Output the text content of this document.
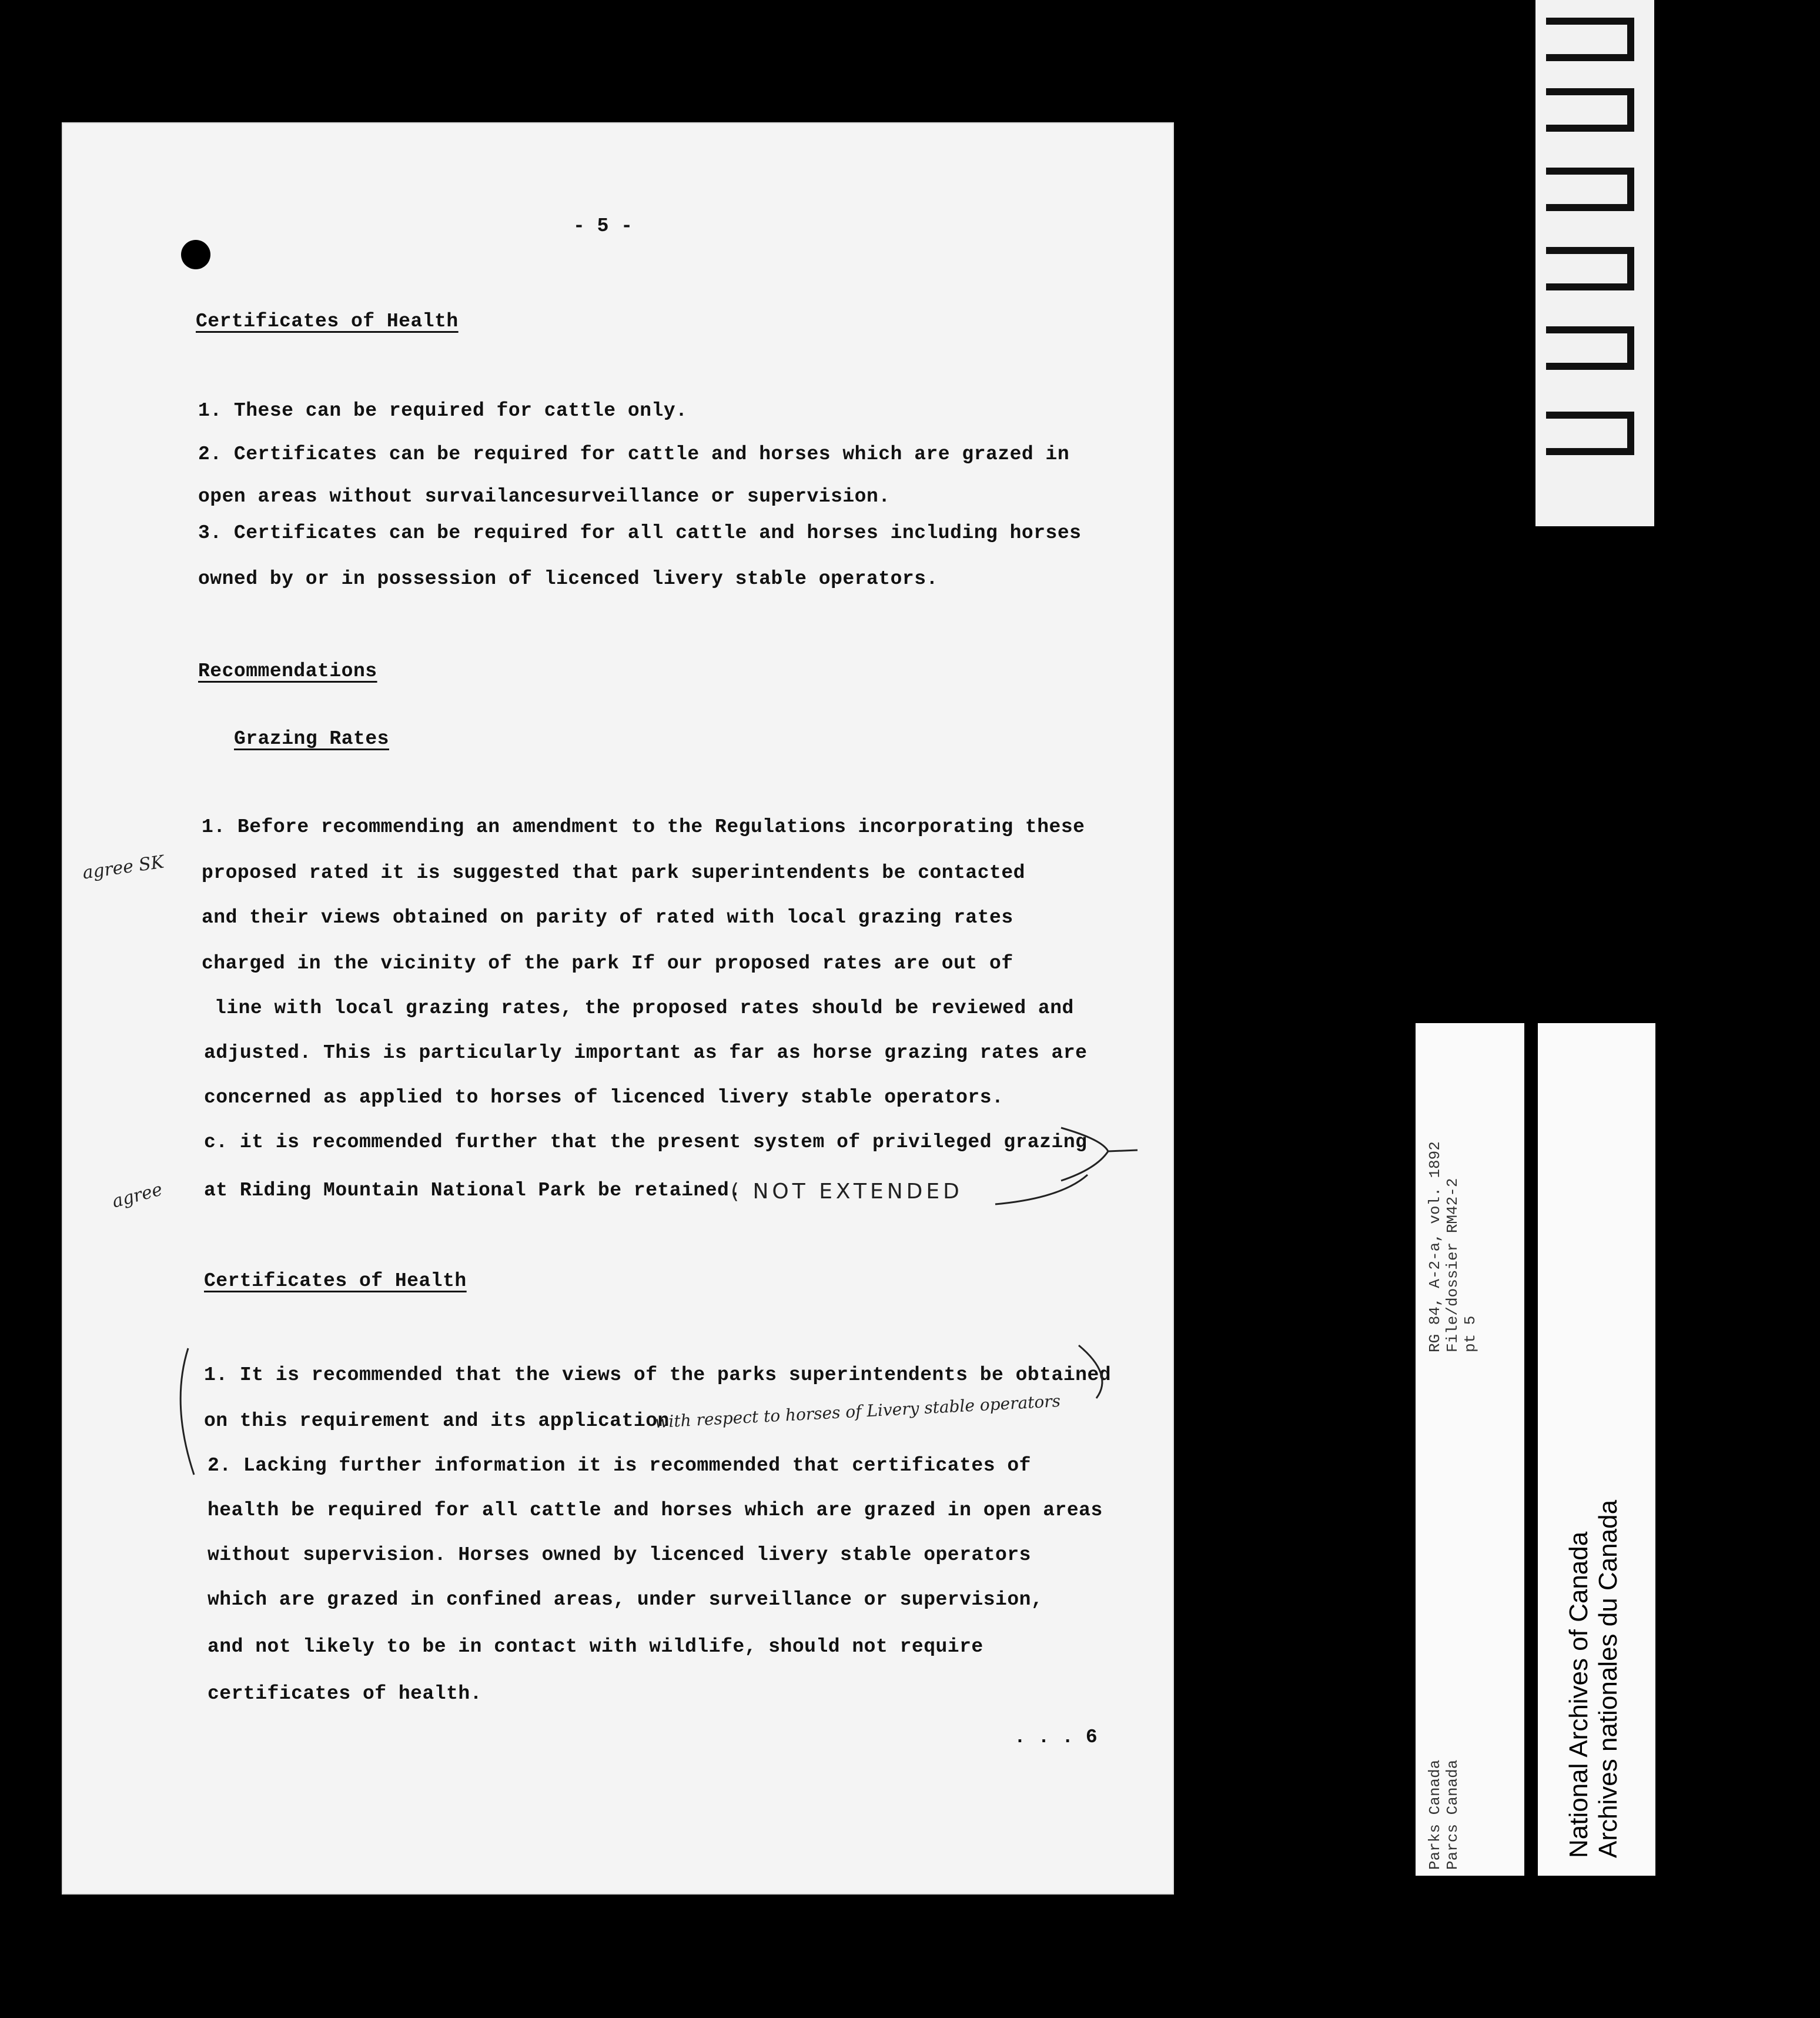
- 5 -
Certificates of Health
1. These can be required for cattle only.
2. Certificates can be required for cattle and horses which are grazed in
open areas without survailancesurveillance or supervision.
3. Certificates can be required for all cattle and horses including horses
owned by or in possession of licenced livery stable operators.
Recommendations
Grazing Rates
1. Before recommending an amendment to the Regulations incorporating these
proposed rated it is suggested that park superintendents be contacted
and their views obtained on parity of rated with local grazing rates
charged in the vicinity of the park If our proposed rates are out of
line with local grazing rates, the proposed rates should be reviewed and
adjusted. This is particularly important as far as horse grazing rates are
concerned as applied to horses of licenced livery stable operators.
c. it is recommended further that the present system of privileged grazing
at Riding Mountain National Park be retained.
Certificates of Health
1. It is recommended that the views of the parks superintendents be obtained
on this requirement and its application
2. Lacking further information it is recommended that certificates of
health be required for all cattle and horses which are grazed in open areas
without supervision. Horses owned by licenced livery stable operators
which are grazed in confined areas, under surveillance or supervision,
and not likely to be in contact with wildlife, should not require
certificates of health.
. . . 6
agree SK
agree	( NOT EXTENDED
with respect to horses of Livery stable operators
RG 84, A-2-a, vol. 1892 File/dossier RM42-2 pt 5
Parks Canada Parcs Canada	National Archives of Canada Archives nationales du Canada
